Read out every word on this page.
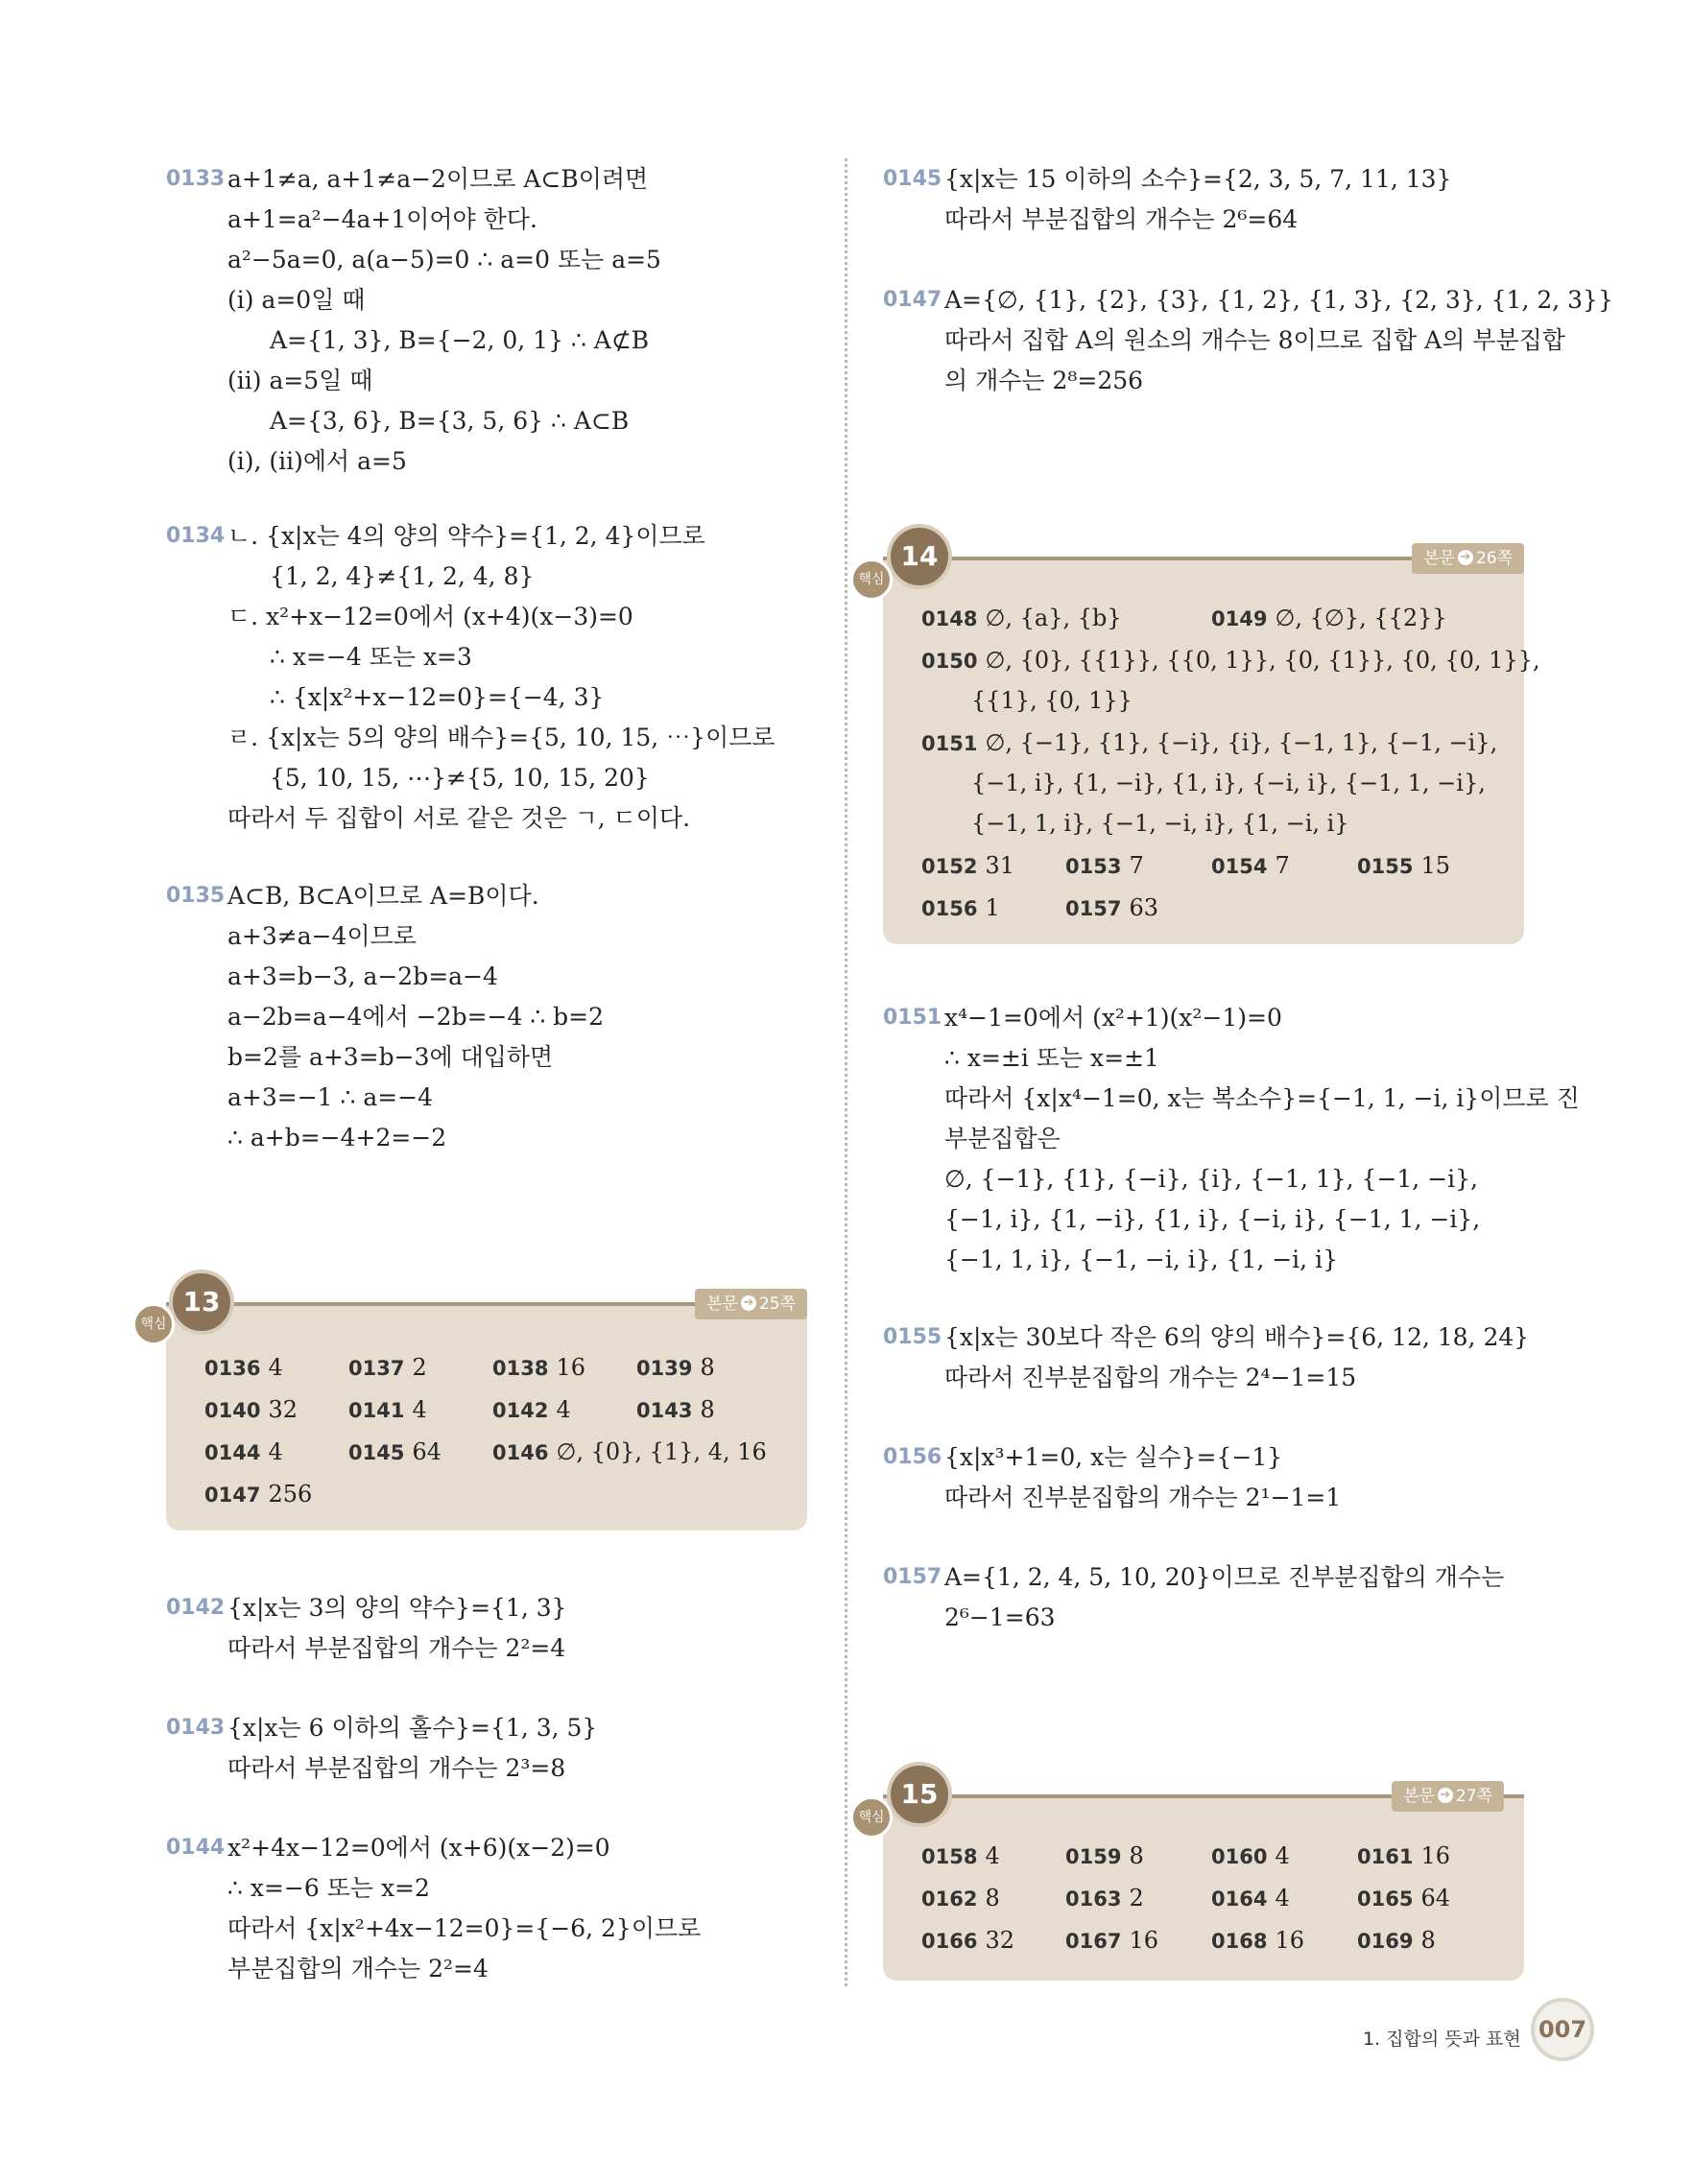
0133 a+1≠a, a+1≠a−2이므로 A⊂B이려면
a+1=a²−4a+1이어야 한다.
a²−5a=0, a(a−5)=0 ∴ a=0 또는 a=5
(i) a=0일 때
A={1, 3}, B={−2, 0, 1} ∴ A⊄B
(ii) a=5일 때
A={3, 6}, B={3, 5, 6} ∴ A⊂B
(i), (ii)에서 a=5
0134 ㄴ. {x|x는 4의 양의 약수}={1, 2, 4}이므로
{1, 2, 4}≠{1, 2, 4, 8}
ㄷ. x²+x−12=0에서 (x+4)(x−3)=0
∴ x=−4 또는 x=3
∴ {x|x²+x−12=0}={−4, 3}
ㄹ. {x|x는 5의 양의 배수}={5, 10, 15, ⋯}이므로
{5, 10, 15, ⋯}≠{5, 10, 15, 20}
따라서 두 집합이 서로 같은 것은 ㄱ, ㄷ이다.
0135 A⊂B, B⊂A이므로 A=B이다.
a+3≠a−4이므로
a+3=b−3, a−2b=a−4
a−2b=a−4에서 −2b=−4 ∴ b=2
b=2를 a+3=b−3에 대입하면
a+3=−1 ∴ a=−4
∴ a+b=−4+2=−2
0142 {x|x는 3의 양의 약수}={1, 3}
따라서 부분집합의 개수는 2²=4
0143 {x|x는 6 이하의 홀수}={1, 3, 5}
따라서 부분집합의 개수는 2³=8
0144 x²+4x−12=0에서 (x+6)(x−2)=0
∴ x=−6 또는 x=2
따라서 {x|x²+4x−12=0}={−6, 2}이므로
부분집합의 개수는 2²=4
본문 ➔ 25쪽
0136 4	0137 2	0138 16	0139 8
0140 32	0141 4	0142 4	0143 8
0144 4	0145 64	0146 ∅, {0}, {1}, 4, 16
0147 256
13
핵심
0145 {x|x는 15 이하의 소수}={2, 3, 5, 7, 11, 13}
따라서 부분집합의 개수는 2⁶=64
0147 A={∅, {1}, {2}, {3}, {1, 2}, {1, 3}, {2, 3}, {1, 2, 3}}
따라서 집합 A의 원소의 개수는 8이므로 집합 A의 부분집합
의 개수는 2⁸=256
0151 x⁴−1=0에서 (x²+1)(x²−1)=0
∴ x=±i 또는 x=±1
따라서 {x|x⁴−1=0, x는 복소수}={−1, 1, −i, i}이므로 진
부분집합은
∅, {−1}, {1}, {−i}, {i}, {−1, 1}, {−1, −i},
{−1, i}, {1, −i}, {1, i}, {−i, i}, {−1, 1, −i},
{−1, 1, i}, {−1, −i, i}, {1, −i, i}
0155 {x|x는 30보다 작은 6의 양의 배수}={6, 12, 18, 24}
따라서 진부분집합의 개수는 2⁴−1=15
0156 {x|x³+1=0, x는 실수}={−1}
따라서 진부분집합의 개수는 2¹−1=1
0157 A={1, 2, 4, 5, 10, 20}이므로 진부분집합의 개수는
2⁶−1=63
본문 ➔ 26쪽
0148 ∅, {a}, {b}	0149 ∅, {∅}, {{2}}
0150 ∅, {0}, {{1}}, {{0, 1}}, {0, {1}}, {0, {0, 1}},
{{1}, {0, 1}}
0151 ∅, {−1}, {1}, {−i}, {i}, {−1, 1}, {−1, −i},
{−1, i}, {1, −i}, {1, i}, {−i, i}, {−1, 1, −i},
{−1, 1, i}, {−1, −i, i}, {1, −i, i}
0152 31	0153 7	0154 7	0155 15
0156 1	0157 63
14
핵심
0158 4	0159 8	0160 4	0161 16
0162 8	0163 2	0164 4	0165 64
0166 32	0167 16	0168 16	0169 8
본문 ➔ 27쪽
15
핵심
1. 집합의 뜻과 표현 007
